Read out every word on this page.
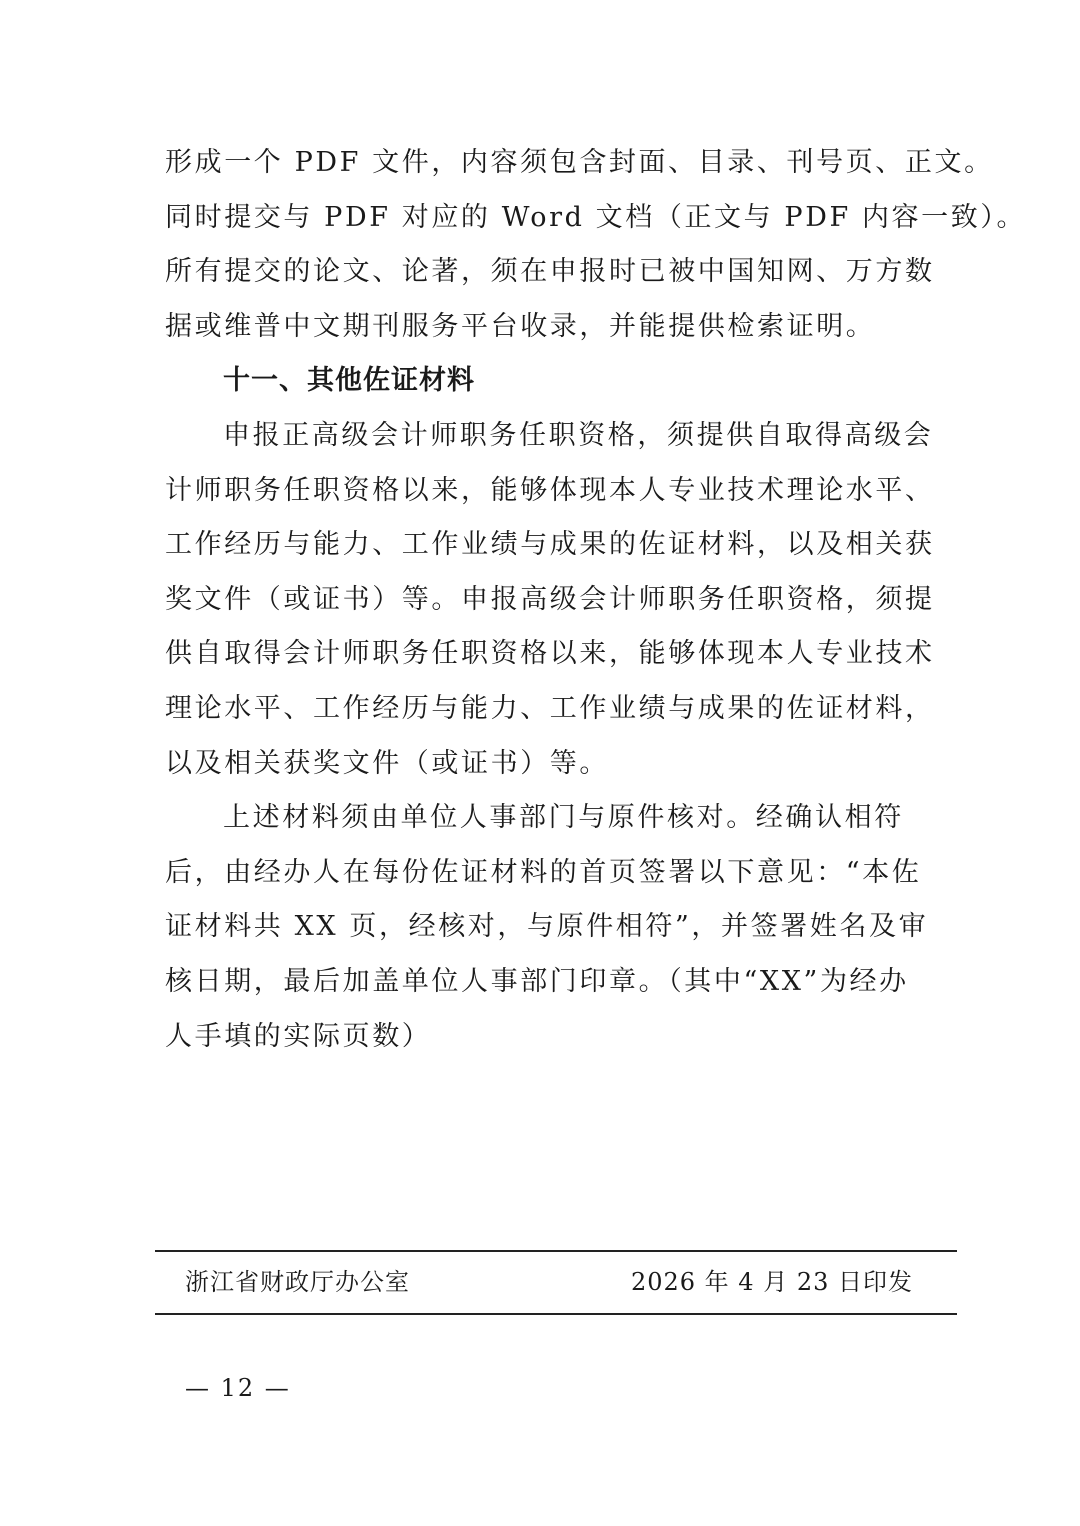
形成一个 PDF 文件，内容须包含封面、目录、刊号页、正文。
同时提交与 PDF 对应的 Word 文档（正文与 PDF 内容一致）。
所有提交的论文、论著，须在申报时已被中国知网、万方数
据或维普中文期刊服务平台收录，并能提供检索证明。
十一、其他佐证材料
申报正高级会计师职务任职资格，须提供自取得高级会
计师职务任职资格以来，能够体现本人专业技术理论水平、
工作经历与能力、工作业绩与成果的佐证材料，以及相关获
奖文件（或证书）等。申报高级会计师职务任职资格，须提
供自取得会计师职务任职资格以来，能够体现本人专业技术
理论水平、工作经历与能力、工作业绩与成果的佐证材料，
以及相关获奖文件（或证书）等。
上述材料须由单位人事部门与原件核对。经确认相符
后，由经办人在每份佐证材料的首页签署以下意见：“本佐
证材料共 XX 页，经核对，与原件相符”，并签署姓名及审
核日期，最后加盖单位人事部门印章。（其中“XX”为经办
人手填的实际页数）
浙江省财政厅办公室	2026 年 4 月 23 日印发
— 12 —
